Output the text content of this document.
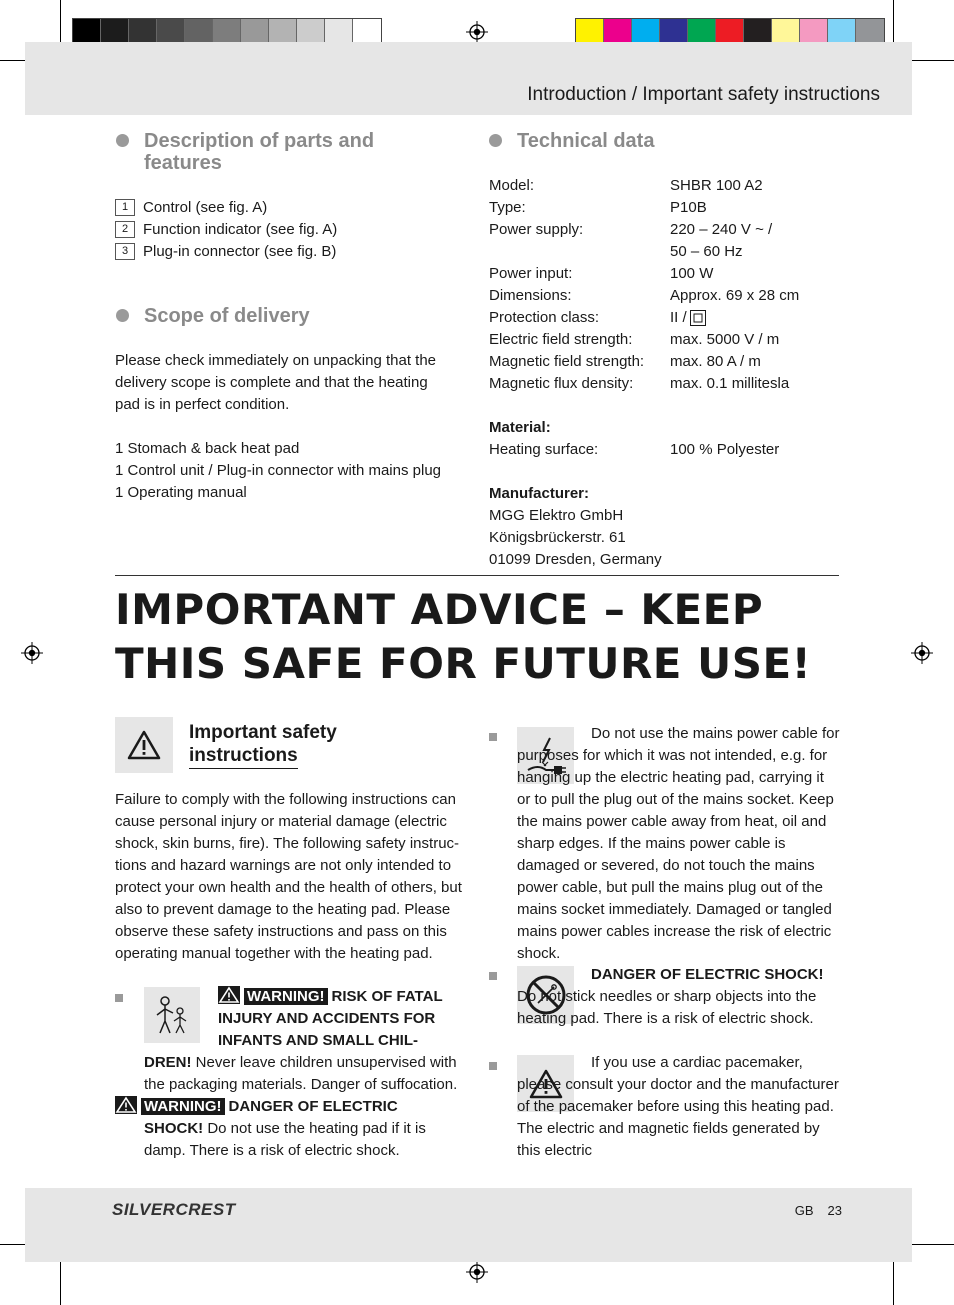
Introduction / Important safety instructions
Description of parts and features
1 Control (see fig. A)
2 Function indicator (see fig. A)
3 Plug-in connector (see fig. B)
Scope of delivery
Please check immediately on unpacking that the delivery scope is complete and that the heating pad is in perfect condition.
1 Stomach & back heat pad
1 Control unit / Plug-in connector with mains plug
1 Operating manual
Technical data
Model:	SHBR 100 A2
Type:	P10B
Power supply:	220 – 240 V ~ /
50 – 60 Hz
Power input:	100 W
Dimensions:	Approx. 69 x 28 cm
Protection class:	II /
Electric field strength:	max. 5000 V / m
Magnetic field strength:	max. 80 A / m
Magnetic flux density:	max. 0.1 millitesla
Material:
Heating surface:	100 % Polyester
Manufacturer:
MGG Elektro GmbH
Königsbrückerstr. 61
01099 Dresden, Germany
IMPORTANT ADVICE – KEEP
THIS SAFE FOR FUTURE USE!
Important safety
instructions
Failure to comply with the following instructions can cause personal injury or material damage (electric shock, skin burns, fire). The following safety instruc-tions and hazard warnings are not only intended to protect your own health and the health of others, but also to prevent damage to the heating pad. Please observe these safety instructions and pass on this operating manual together with the heating pad.
WARNING! RISK OF FATAL
INJURY AND ACCIDENTS FOR
INFANTS AND SMALL CHIL-
DREN! Never leave children unsupervised with the packaging materials. Danger of suffocation.
WARNING! DANGER OF ELECTRIC
SHOCK! Do not use the heating pad if it is damp. There is a risk of electric shock.
Do not use the mains power cable for purposes for which it was not intended, e.g. for hanging up the electric heating pad, carrying it or to pull the plug out of the mains socket. Keep the mains power cable away from heat, oil and sharp edges. If the mains power cable is damaged or severed, do not touch the mains power cable, but pull the mains plug out of the mains socket immediately. Damaged or tangled mains power cables increase the risk of electric shock.
DANGER OF ELECTRIC SHOCK! Do not stick needles or sharp objects into the heating pad. There is a risk of electric shock.
If you use a cardiac pacemaker, please consult your doctor and the manufacturer of the pacemaker before using this heating pad. The electric and magnetic fields generated by this electric
SILVERCREST	GB 23
